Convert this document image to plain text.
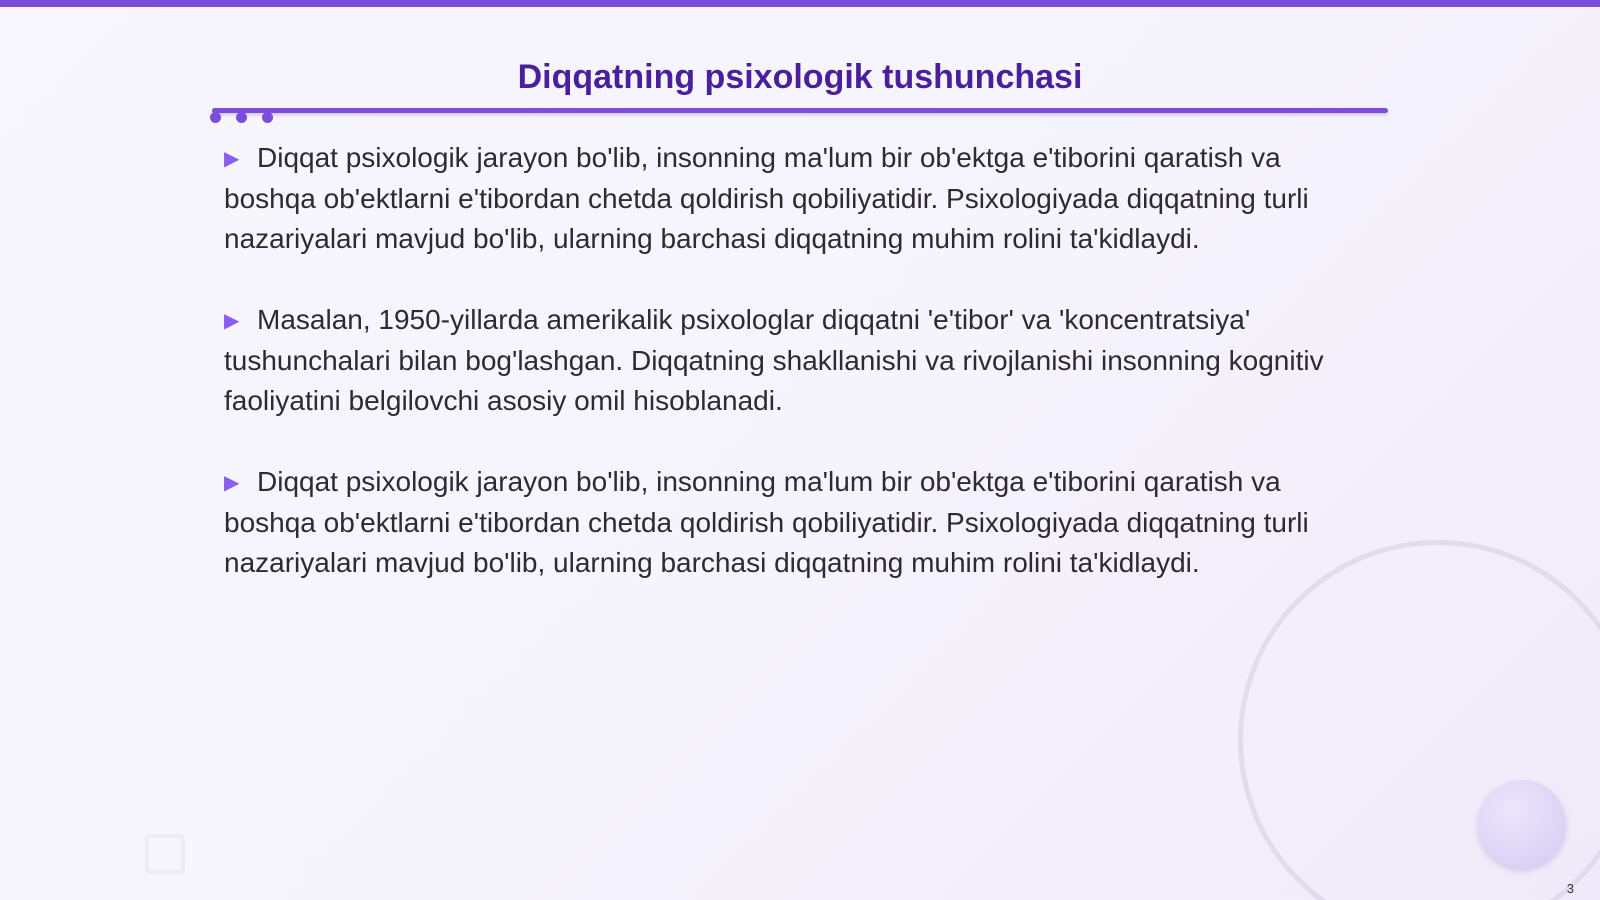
Diqqatning psixologik tushunchasi

▶ Diqqat psixologik jarayon bo'lib, insonning ma'lum bir ob'ektga e'tiborini qaratish va boshqa ob'ektlarni e'tibordan chetda qoldirish qobiliyatidir. Psixologiyada diqqatning turli nazariyalari mavjud bo'lib, ularning barchasi diqqatning muhim rolini ta'kidlaydi.

▶ Masalan, 1950-yillarda amerikalik psixologlar diqqatni 'e'tibor' va 'koncentratsiya' tushunchalari bilan bog'lashgan. Diqqatning shakllanishi va rivojlanishi insonning kognitiv faoliyatini belgilovchi asosiy omil hisoblanadi.

▶ Diqqat psixologik jarayon bo'lib, insonning ma'lum bir ob'ektga e'tiborini qaratish va boshqa ob'ektlarni e'tibordan chetda qoldirish qobiliyatidir. Psixologiyada diqqatning turli nazariyalari mavjud bo'lib, ularning barchasi diqqatning muhim rolini ta'kidlaydi.

3
